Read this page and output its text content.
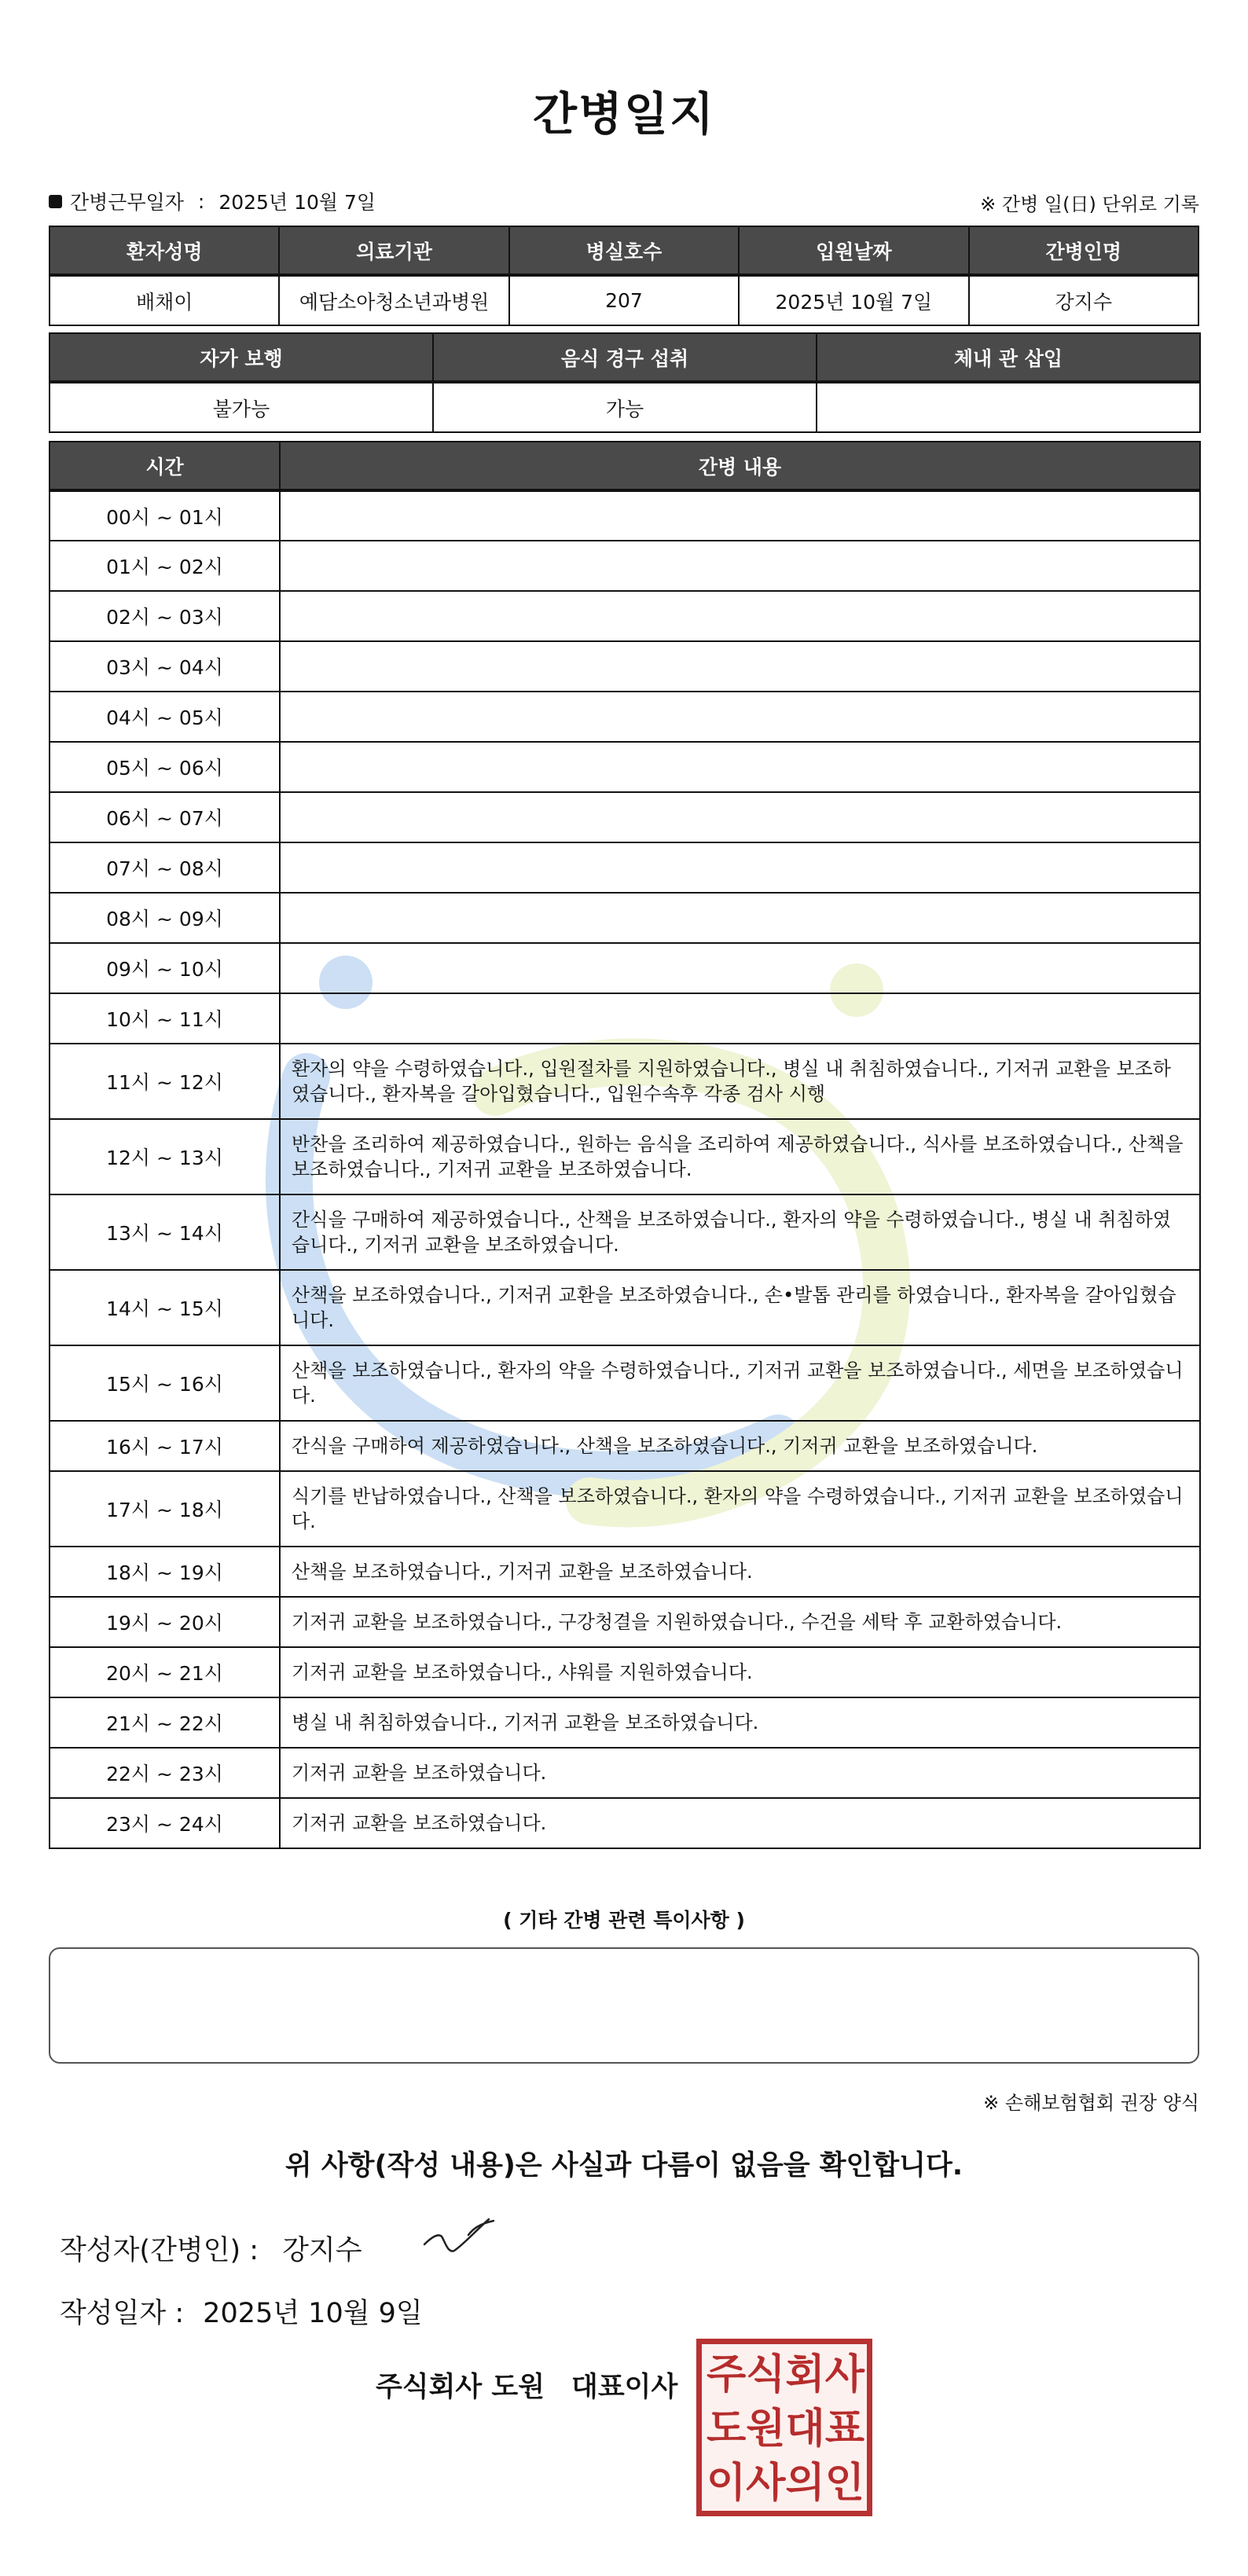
간병일지
간병근무일자 : 2025년 10월 7일	※ 간병 일(日) 단위로 기록
환자성명	의료기관	병실호수	입원날짜	간병인명
배채이	예담소아청소년과병원	207	2025년 10월 7일	강지수
자가 보행	음식 경구 섭취	체내 관 삽입
불가능	가능	
시간	간병 내용
00시 ~ 01시	
01시 ~ 02시	
02시 ~ 03시	
03시 ~ 04시	
04시 ~ 05시	
05시 ~ 06시	
06시 ~ 07시	
07시 ~ 08시	
08시 ~ 09시	
09시 ~ 10시	
10시 ~ 11시	
11시 ~ 12시	환자의 약을 수령하였습니다., 입원절차를 지원하였습니다., 병실 내 취침하였습니다., 기저귀 교환을 보조하였습니다., 환자복을 갈아입혔습니다., 입원수속후 각종 검사 시행
12시 ~ 13시	반찬을 조리하여 제공하였습니다., 원하는 음식을 조리하여 제공하였습니다., 식사를 보조하였습니다., 산책을 보조하였습니다., 기저귀 교환을 보조하였습니다.
13시 ~ 14시	간식을 구매하여 제공하였습니다., 산책을 보조하였습니다., 환자의 약을 수령하였습니다., 병실 내 취침하였습니다., 기저귀 교환을 보조하였습니다.
14시 ~ 15시	산책을 보조하였습니다., 기저귀 교환을 보조하였습니다., 손•발톱 관리를 하였습니다., 환자복을 갈아입혔습니다.
15시 ~ 16시	산책을 보조하였습니다., 환자의 약을 수령하였습니다., 기저귀 교환을 보조하였습니다., 세면을 보조하였습니다.
16시 ~ 17시	간식을 구매하여 제공하였습니다., 산책을 보조하였습니다., 기저귀 교환을 보조하였습니다.
17시 ~ 18시	식기를 반납하였습니다., 산책을 보조하였습니다., 환자의 약을 수령하였습니다., 기저귀 교환을 보조하였습니다.
18시 ~ 19시	산책을 보조하였습니다., 기저귀 교환을 보조하였습니다.
19시 ~ 20시	기저귀 교환을 보조하였습니다., 구강청결을 지원하였습니다., 수건을 세탁 후 교환하였습니다.
20시 ~ 21시	기저귀 교환을 보조하였습니다., 샤워를 지원하였습니다.
21시 ~ 22시	병실 내 취침하였습니다., 기저귀 교환을 보조하였습니다.
22시 ~ 23시	기저귀 교환을 보조하였습니다.
23시 ~ 24시	기저귀 교환을 보조하였습니다.
( 기타 간병 관련 특이사항 )
※ 손해보험협회 권장 양식
위 사항(작성 내용)은 사실과 다름이 없음을 확인합니다.
작성자(간병인) : 강지수
작성일자 : 2025년 10월 9일
주식회사 도원 대표이사 주 식 회 사
도 원 대 표
이 사 의 인
